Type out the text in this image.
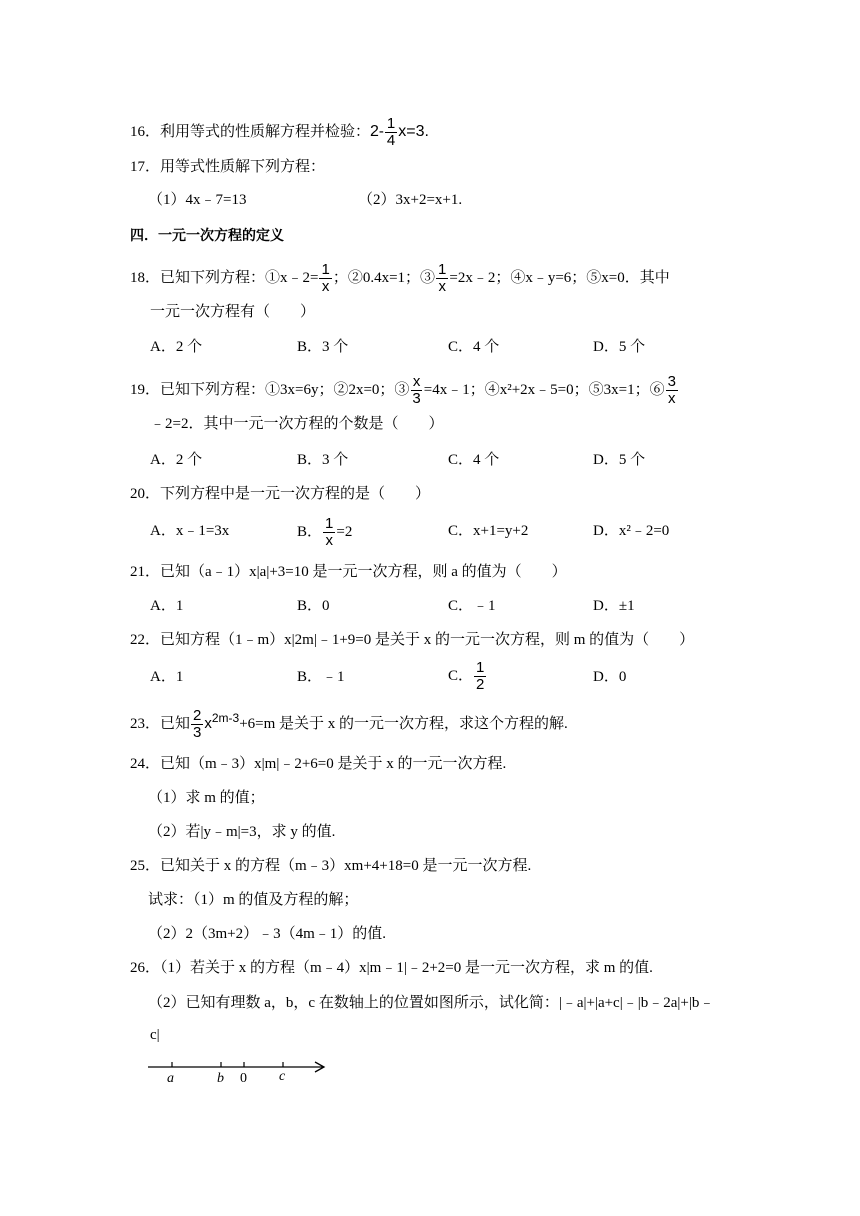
16．利用等式的性质解方程并检验：$2- \frac{1}{4} x=3$.
17．用等式性质解下列方程：
（1）4x﹣7=13	（2）3x+2=x+1.
四．一元一次方程的定义
18．已知下列方程：①x﹣2= $\frac{1}{x}$ ；②0.4x=1；③ $\frac{1}{x}$ =2x﹣2；④x﹣y=6；⑤x=0．其中
一元一次方程有（　　）
A．2 个	B．3 个	C．4 个	D．5 个
19．已知下列方程：①3x=6y；②2x=0；③ $\frac{x}{3}$ =4x﹣1；④x²+2x﹣5=0；⑤3x=1；⑥ $\frac{3}{x}$
﹣2=2．其中一元一次方程的个数是（　　）
A．2 个	B．3 个	C．4 个	D．5 个
20．下列方程中是一元一次方程的是（　　）
A．x﹣1=3x	B． $\frac{1}{x} =2$	C．x+1=y+2	D．x²﹣2=0
21．已知（a﹣1）x|a|+3=10 是一元一次方程，则 a 的值为（　　）
A．1	B．0	C．﹣1	D．±1
22．已知方程（1﹣m）x|2m|﹣1+9=0 是关于 x 的一元一次方程，则 m 的值为（　　）
A．1	B．﹣1	C． $\frac{1}{2}$	D．0
23．已知 $\frac{2}{3} x^{2m-3}+6=m$ 是关于 x 的一元一次方程，求这个方程的解.
24．已知（m﹣3）x|m|﹣2+6=0 是关于 x 的一元一次方程.
（1）求 m 的值；
（2）若|y﹣m|=3，求 y 的值.
25．已知关于 x 的方程（m﹣3）xm+4+18=0 是一元一次方程.
试求：（1）m 的值及方程的解；
（2）2（3m+2）﹣3（4m﹣1）的值.
26．（1）若关于 x 的方程（m﹣4）x|m﹣1|﹣2+2=0 是一元一次方程，求 m 的值.
（2）已知有理数 a，b，c 在数轴上的位置如图所示，试化简：|﹣a|+|a+c|﹣|b﹣2a|+|b﹣
c|
a	b 0 c
